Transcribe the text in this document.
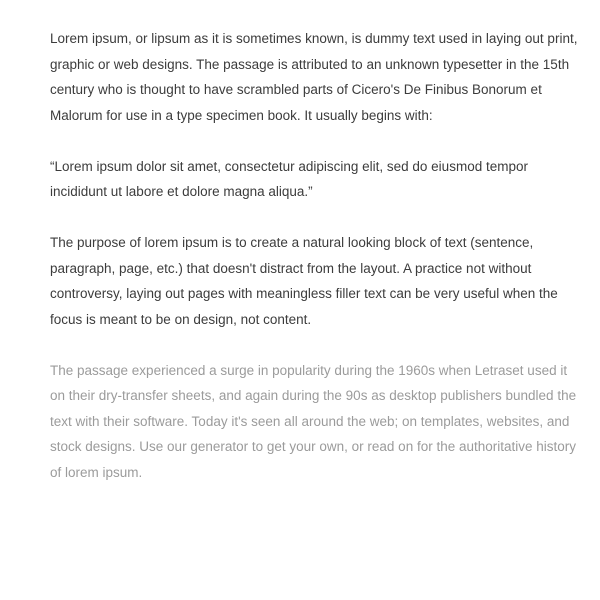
Lorem ipsum, or lipsum as it is sometimes known, is dummy text used in laying out print, graphic or web designs. The passage is attributed to an unknown typesetter in the 15th century who is thought to have scrambled parts of Cicero's De Finibus Bonorum et Malorum for use in a type specimen book. It usually begins with:

“Lorem ipsum dolor sit amet, consectetur adipiscing elit, sed do eiusmod tempor incididunt ut labore et dolore magna aliqua.”

The purpose of lorem ipsum is to create a natural looking block of text (sentence, paragraph, page, etc.) that doesn't distract from the layout. A practice not without controversy, laying out pages with meaningless filler text can be very useful when the focus is meant to be on design, not content.

The passage experienced a surge in popularity during the 1960s when Letraset used it on their dry-transfer sheets, and again during the 90s as desktop publishers bundled the text with their software. Today it's seen all around the web; on templates, websites, and stock designs. Use our generator to get your own, or read on for the authoritative history of lorem ipsum.
